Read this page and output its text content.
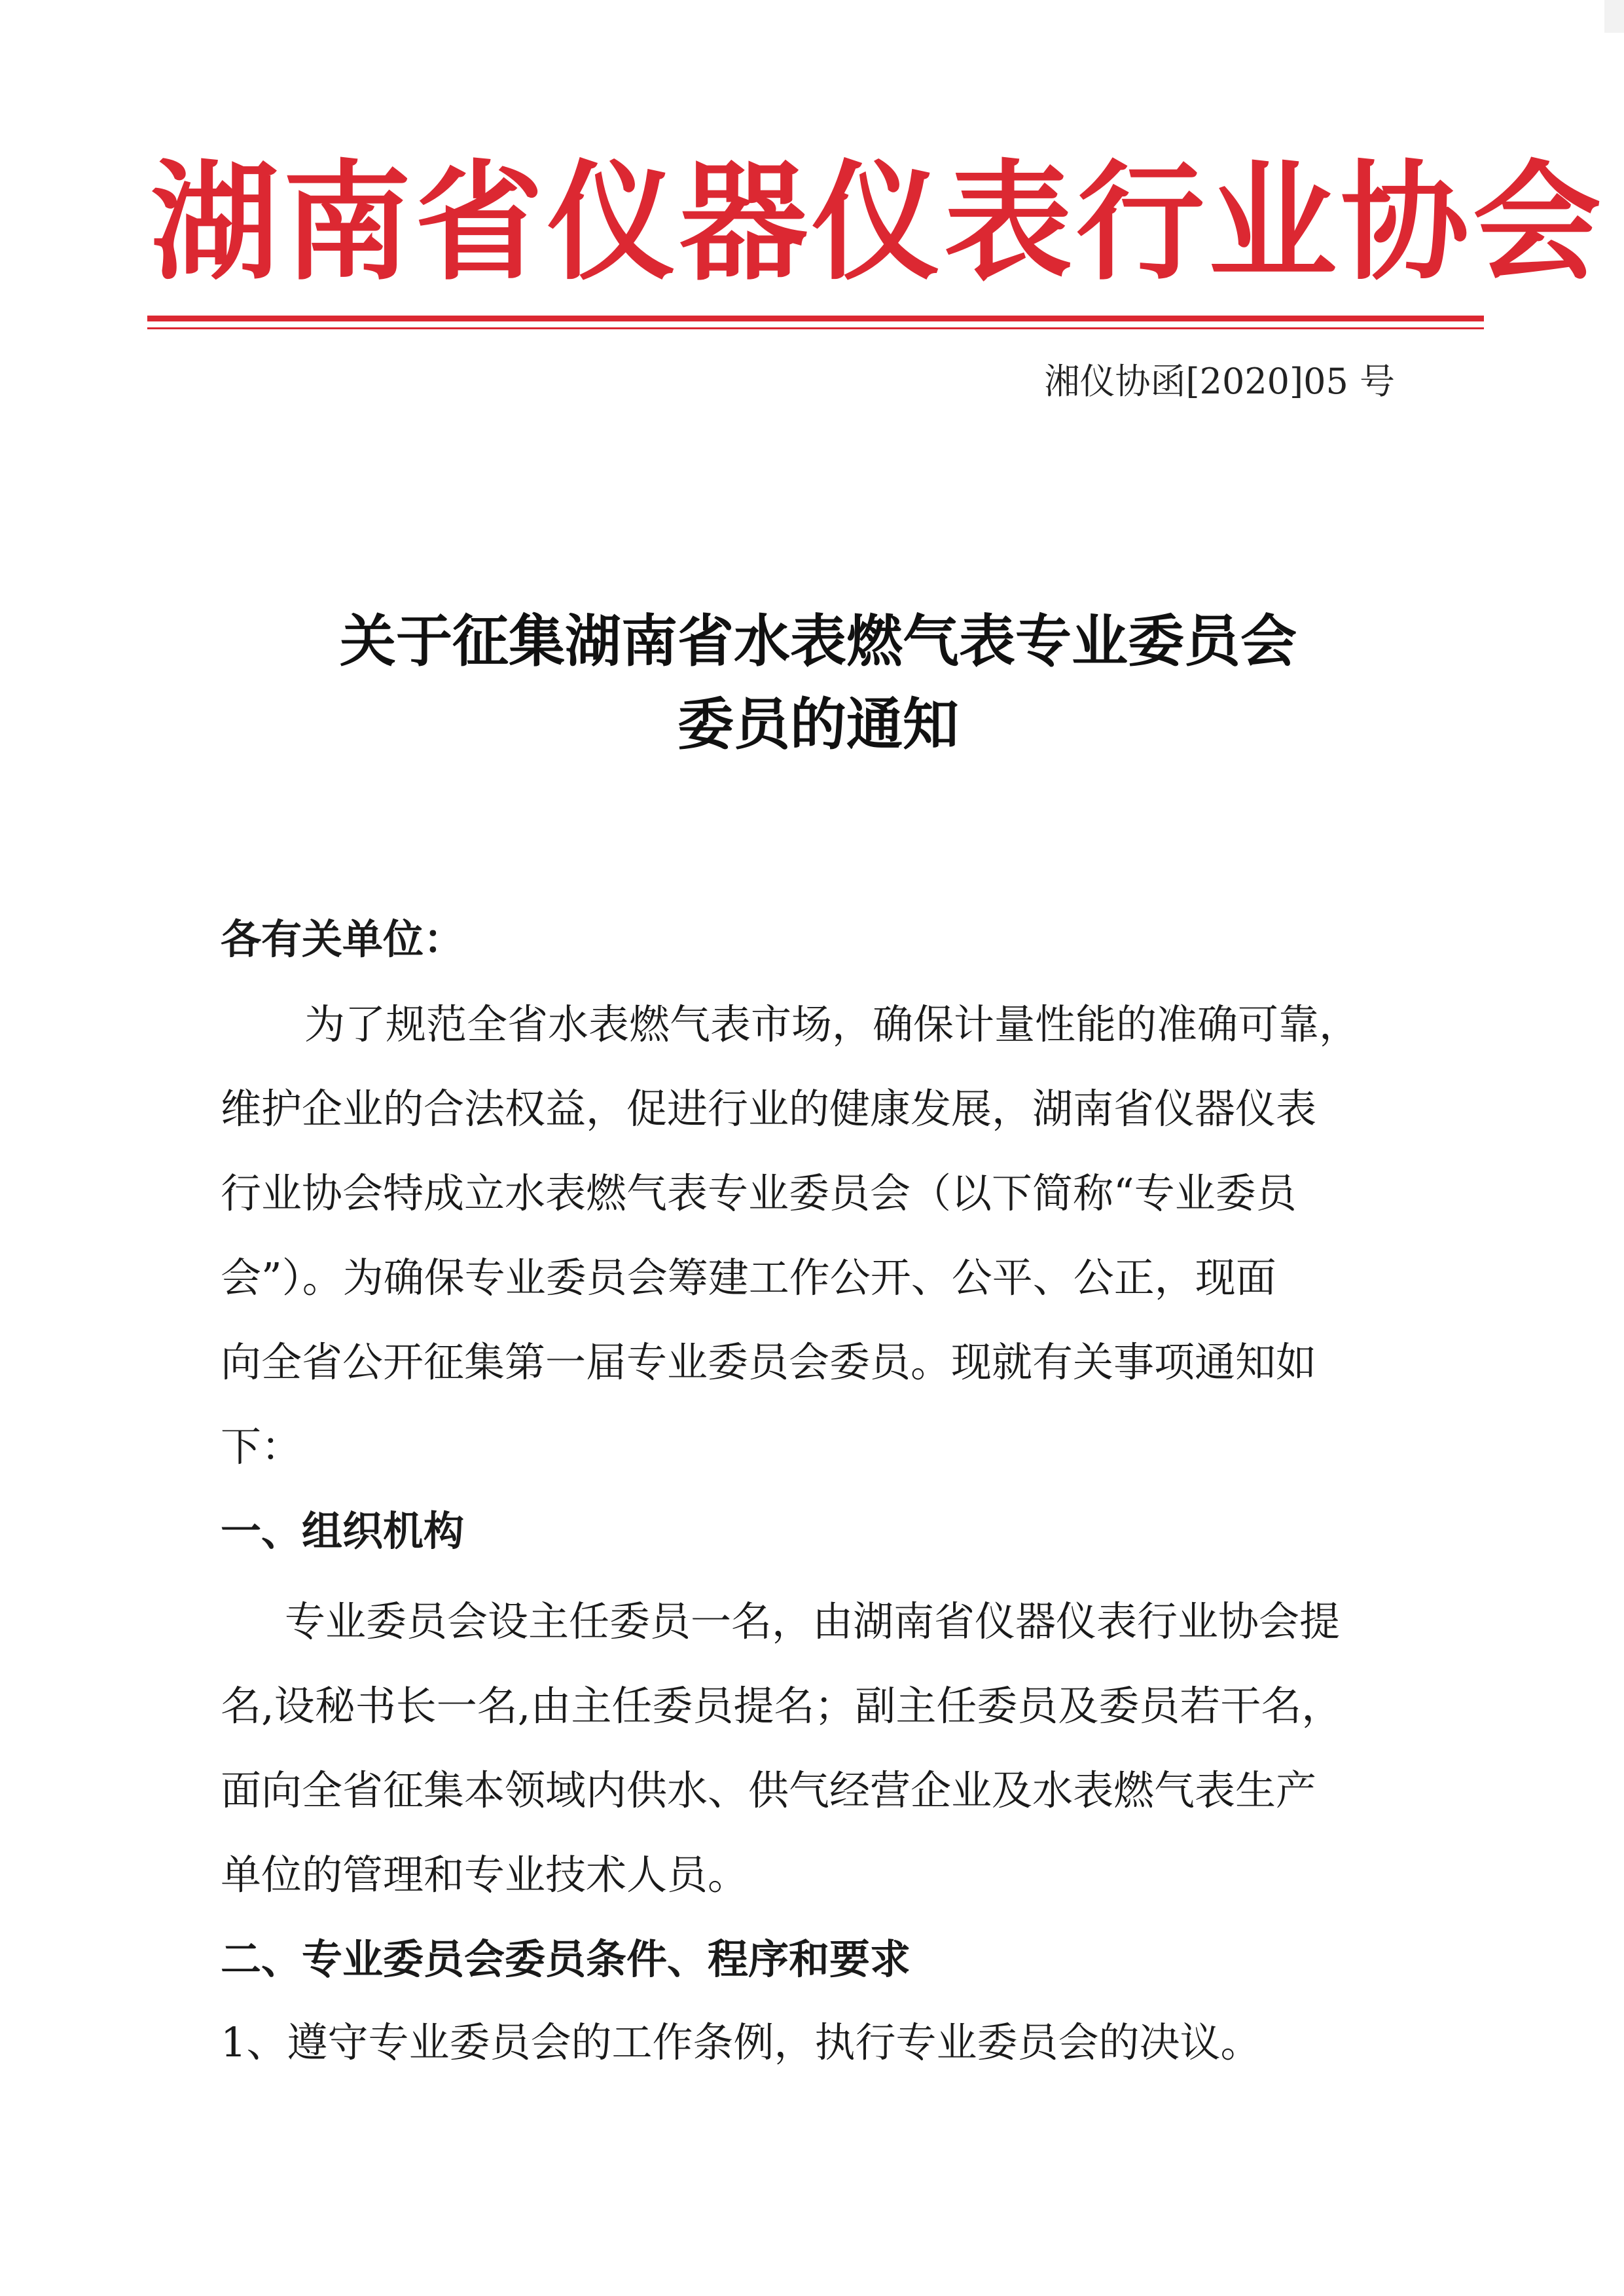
湖南省仪器仪表行业协会
湘仪协函[2020]05 号
关于征集湖南省水表燃气表专业委员会
委员的通知
各有关单位：
为了规范全省水表燃气表市场，确保计量性能的准确可靠，
维护企业的合法权益，促进行业的健康发展，湖南省仪器仪表
行业协会特成立水表燃气表专业委员会（以下简称“专业委员
会”）。为确保专业委员会筹建工作公开、公平、公正，现面
向全省公开征集第一届专业委员会委员。现就有关事项通知如
下：
一、组织机构
专业委员会设主任委员一名，由湖南省仪器仪表行业协会提
名,设秘书长一名,由主任委员提名；副主任委员及委员若干名，
面向全省征集本领域内供水、供气经营企业及水表燃气表生产
单位的管理和专业技术人员。
二、专业委员会委员条件、程序和要求
1、遵守专业委员会的工作条例，执行专业委员会的决议。
